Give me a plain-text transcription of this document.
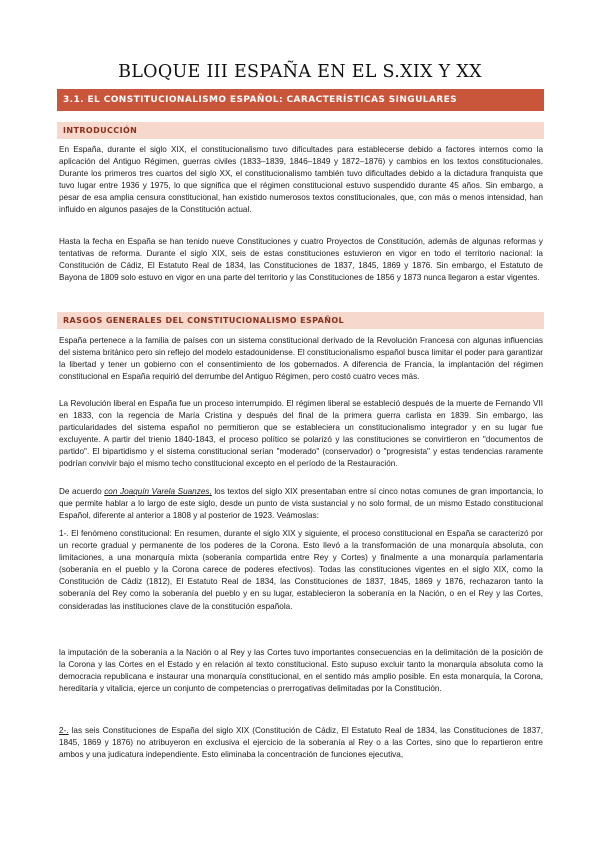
BLOQUE III ESPAÑA EN EL S.XIX Y XX
3.1. EL CONSTITUCIONALISMO ESPAÑOL: CARACTERÍSTICAS SINGULARES
INTRODUCCIÓN

En España, durante el siglo XIX, el constitucionalismo tuvo dificultades para establecerse debido a factores internos como la aplicación del Antiguo Régimen, guerras civiles (1833–1839, 1846–1849 y 1872–1876) y cambios en los textos constitucionales. Durante los primeros tres cuartos del siglo XX, el constitucionalismo también tuvo dificultades debido a la dictadura franquista que tuvo lugar entre 1936 y 1975, lo que significa que el régimen constitucional estuvo suspendido durante 45 años. Sin embargo, a pesar de esa amplia censura constitucional, han existido numerosos textos constitucionales, que, con más o menos intensidad, han influido en algunos pasajes de la Constitución actual.

Hasta la fecha en España se han tenido nueve Constituciones y cuatro Proyectos de Constitución, además de algunas reformas y tentativas de reforma. Durante el siglo XIX, seis de estas constituciones estuvieron en vigor en todo el territorio nacional: la Constitución de Cádiz, El Estatuto Real de 1834, las Constituciones de 1837, 1845, 1869 y 1876. Sin embargo, el Estatuto de Bayona de 1809 solo estuvo en vigor en una parte del territorio y las Constituciones de 1856 y 1873 nunca llegaron a estar vigentes.

RASGOS GENERALES DEL CONSTITUCIONALISMO ESPAÑOL

España pertenece a la familia de países con un sistema constitucional derivado de la Revolución Francesa con algunas influencias del sistema británico pero sin reflejo del modelo estadounidense. El constitucionalismo español busca limitar el poder para garantizar la libertad y tener un gobierno con el consentimiento de los gobernados. A diferencia de Francia, la implantación del régimen constitucional en España requirió del derrumbe del Antiguo Régimen, pero costó cuatro veces más.

La Revolución liberal en España fue un proceso interrumpido. El régimen liberal se estableció después de la muerte de Fernando VII en 1833, con la regencia de María Cristina y después del final de la primera guerra carlista en 1839. Sin embargo, las particularidades del sistema español no permitieron que se estableciera un constitucionalismo integrador y en su lugar fue excluyente. A partir del trienio 1840-1843, el proceso político se polarizó y las constituciones se convirtieron en "documentos de partido". El bipartidismo y el sistema constitucional serían "moderado" (conservador) o "progresista" y estas tendencias raramente podrían convivir bajo el mismo techo constitucional excepto en el período de la Restauración.

De acuerdo con Joaquín Varela Suanzes, los textos del siglo XIX presentaban entre sí cinco notas comunes de gran importancia, lo que permite hablar a lo largo de este siglo, desde un punto de vista sustancial y no solo formal, de un mismo Estado constitucional Español, diferente al anterior a 1808 y al posterior de 1923. Veámoslas:

1-. El fenómeno constitucional: En resumen, durante el siglo XIX y siguiente, el proceso constitucional en España se caracterizó por un recorte gradual y permanente de los poderes de la Corona. Esto llevó a la transformación de una monarquía absoluta, con limitaciones, a una monarquía mixta (soberanía compartida entre Rey y Cortes) y finalmente a una monarquía parlamentaria (soberanía en el pueblo y la Corona carece de poderes efectivos). Todas las constituciones vigentes en el siglo XIX, como la Constitución de Cádiz (1812), El Estatuto Real de 1834, las Constituciones de 1837, 1845, 1869 y 1876, rechazaron tanto la soberanía del Rey como la soberanía del pueblo y en su lugar, establecieron la soberanía en la Nación, o en el Rey y las Cortes, consideradas las instituciones clave de la constitución española.

la imputación de la soberanía a la Nación o al Rey y las Cortes tuvo importantes consecuencias en la delimitación de la posición de la Corona y las Cortes en el Estado y en relación al texto constitucional. Esto supuso excluir tanto la monarquía absoluta como la democracia republicana e instaurar una monarquía constitucional, en el sentido más amplio posible. En esta monarquía, la Corona, hereditaria y vitalicia, ejerce un conjunto de competencias o prerrogativas delimitadas por la Constitución.

2-. las seis Constituciones de España del siglo XIX (Constitución de Cádiz, El Estatuto Real de 1834, las Constituciones de 1837, 1845, 1869 y 1876) no atribuyeron en exclusiva el ejercicio de la soberanía al Rey o a las Cortes, sino que lo repartieron entre ambos y una judicatura independiente. Esto eliminaba la concentración de funciones ejecutiva,
